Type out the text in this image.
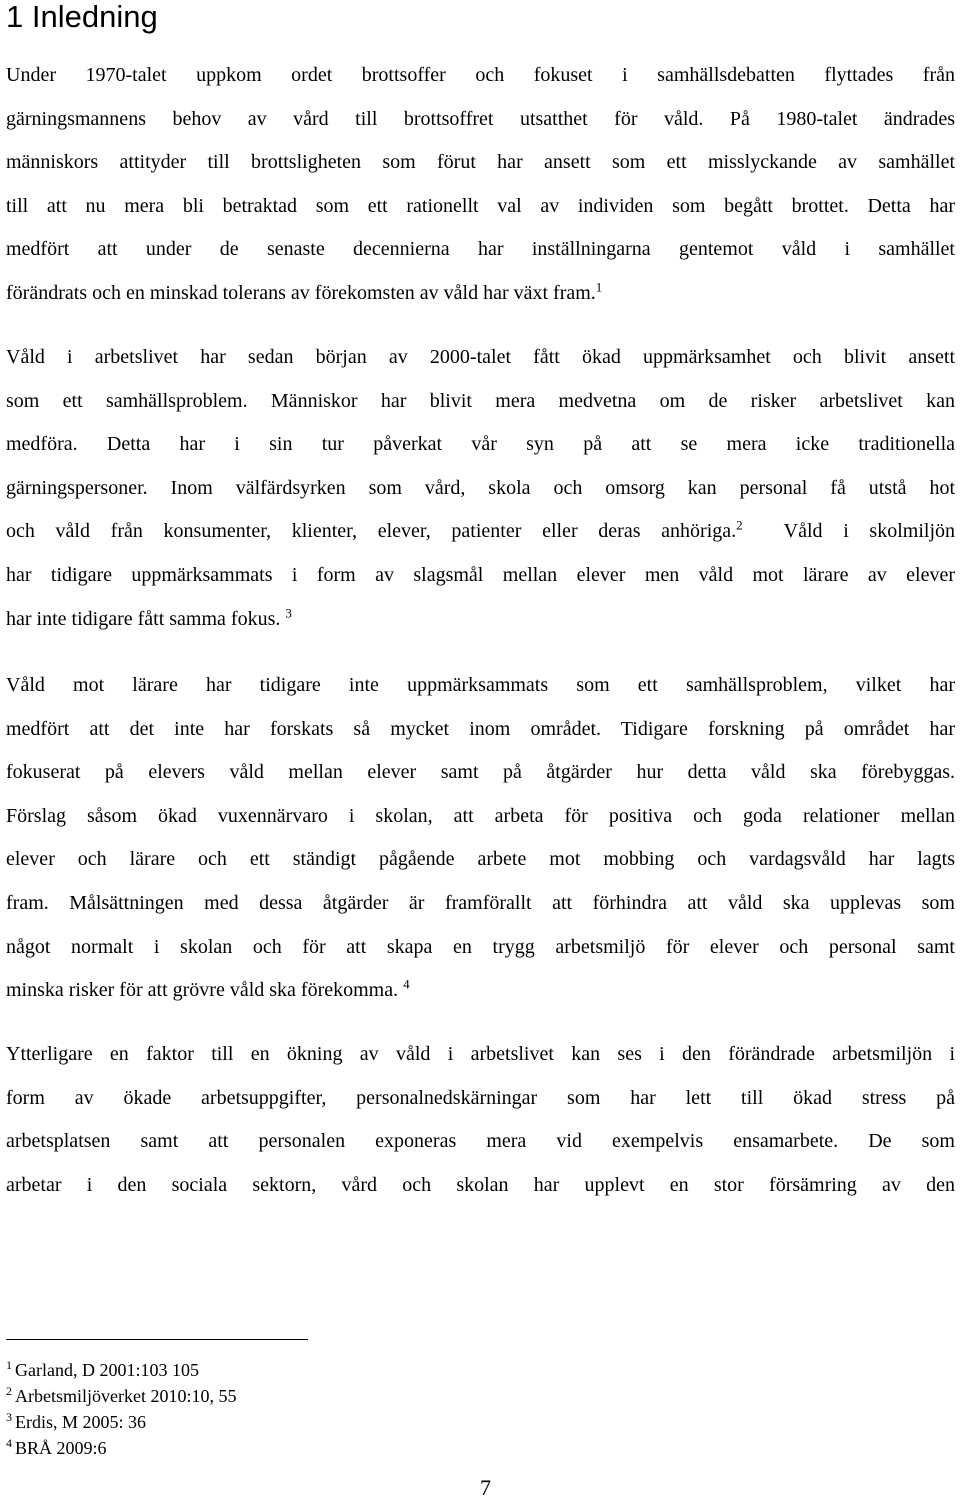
1 Inledning
Under 1970-talet uppkom ordet brottsoffer och fokuset i samhällsdebatten flyttades från
gärningsmannens behov av vård till brottsoffret utsatthet för våld. På 1980-talet ändrades
människors attityder till brottsligheten som förut har ansett som ett misslyckande av samhället
till att nu mera bli betraktad som ett rationellt val av individen som begått brottet. Detta har
medfört att under de senaste decennierna har inställningarna gentemot våld i samhället
förändrats och en minskad tolerans av förekomsten av våld har växt fram.$^1$
Våld i arbetslivet har sedan början av 2000-talet fått ökad uppmärksamhet och blivit ansett
som ett samhällsproblem. Människor har blivit mera medvetna om de risker arbetslivet kan
medföra. Detta har i sin tur påverkat vår syn på att se mera icke traditionella
gärningspersoner. Inom välfärdsyrken som vård, skola och omsorg kan personal få utstå hot
och våld från konsumenter, klienter, elever, patienter eller deras anhöriga.$^2$ Våld i skolmiljön
har tidigare uppmärksammats i form av slagsmål mellan elever men våld mot lärare av elever
har inte tidigare fått samma fokus. $^3$
Våld mot lärare har tidigare inte uppmärksammats som ett samhällsproblem, vilket har
medfört att det inte har forskats så mycket inom området. Tidigare forskning på området har
fokuserat på elevers våld mellan elever samt på åtgärder hur detta våld ska förebyggas.
Förslag såsom ökad vuxennärvaro i skolan, att arbeta för positiva och goda relationer mellan
elever och lärare och ett ständigt pågående arbete mot mobbing och vardagsvåld har lagts
fram. Målsättningen med dessa åtgärder är framförallt att förhindra att våld ska upplevas som
något normalt i skolan och för att skapa en trygg arbetsmiljö för elever och personal samt
minska risker för att grövre våld ska förekomma. $^4$
Ytterligare en faktor till en ökning av våld i arbetslivet kan ses i den förändrade arbetsmiljön i
form av ökade arbetsuppgifter, personalnedskärningar som har lett till ökad stress på
arbetsplatsen samt att personalen exponeras mera vid exempelvis ensamarbete. De som
arbetar i den sociala sektorn, vård och skolan har upplevt en stor försämring av den
$^1$ Garland, D 2001:103 105
$^2$ Arbetsmiljöverket 2010:10, 55
$^3$ Erdis, M 2005: 36
$^4$ BRÅ 2009:6
7
